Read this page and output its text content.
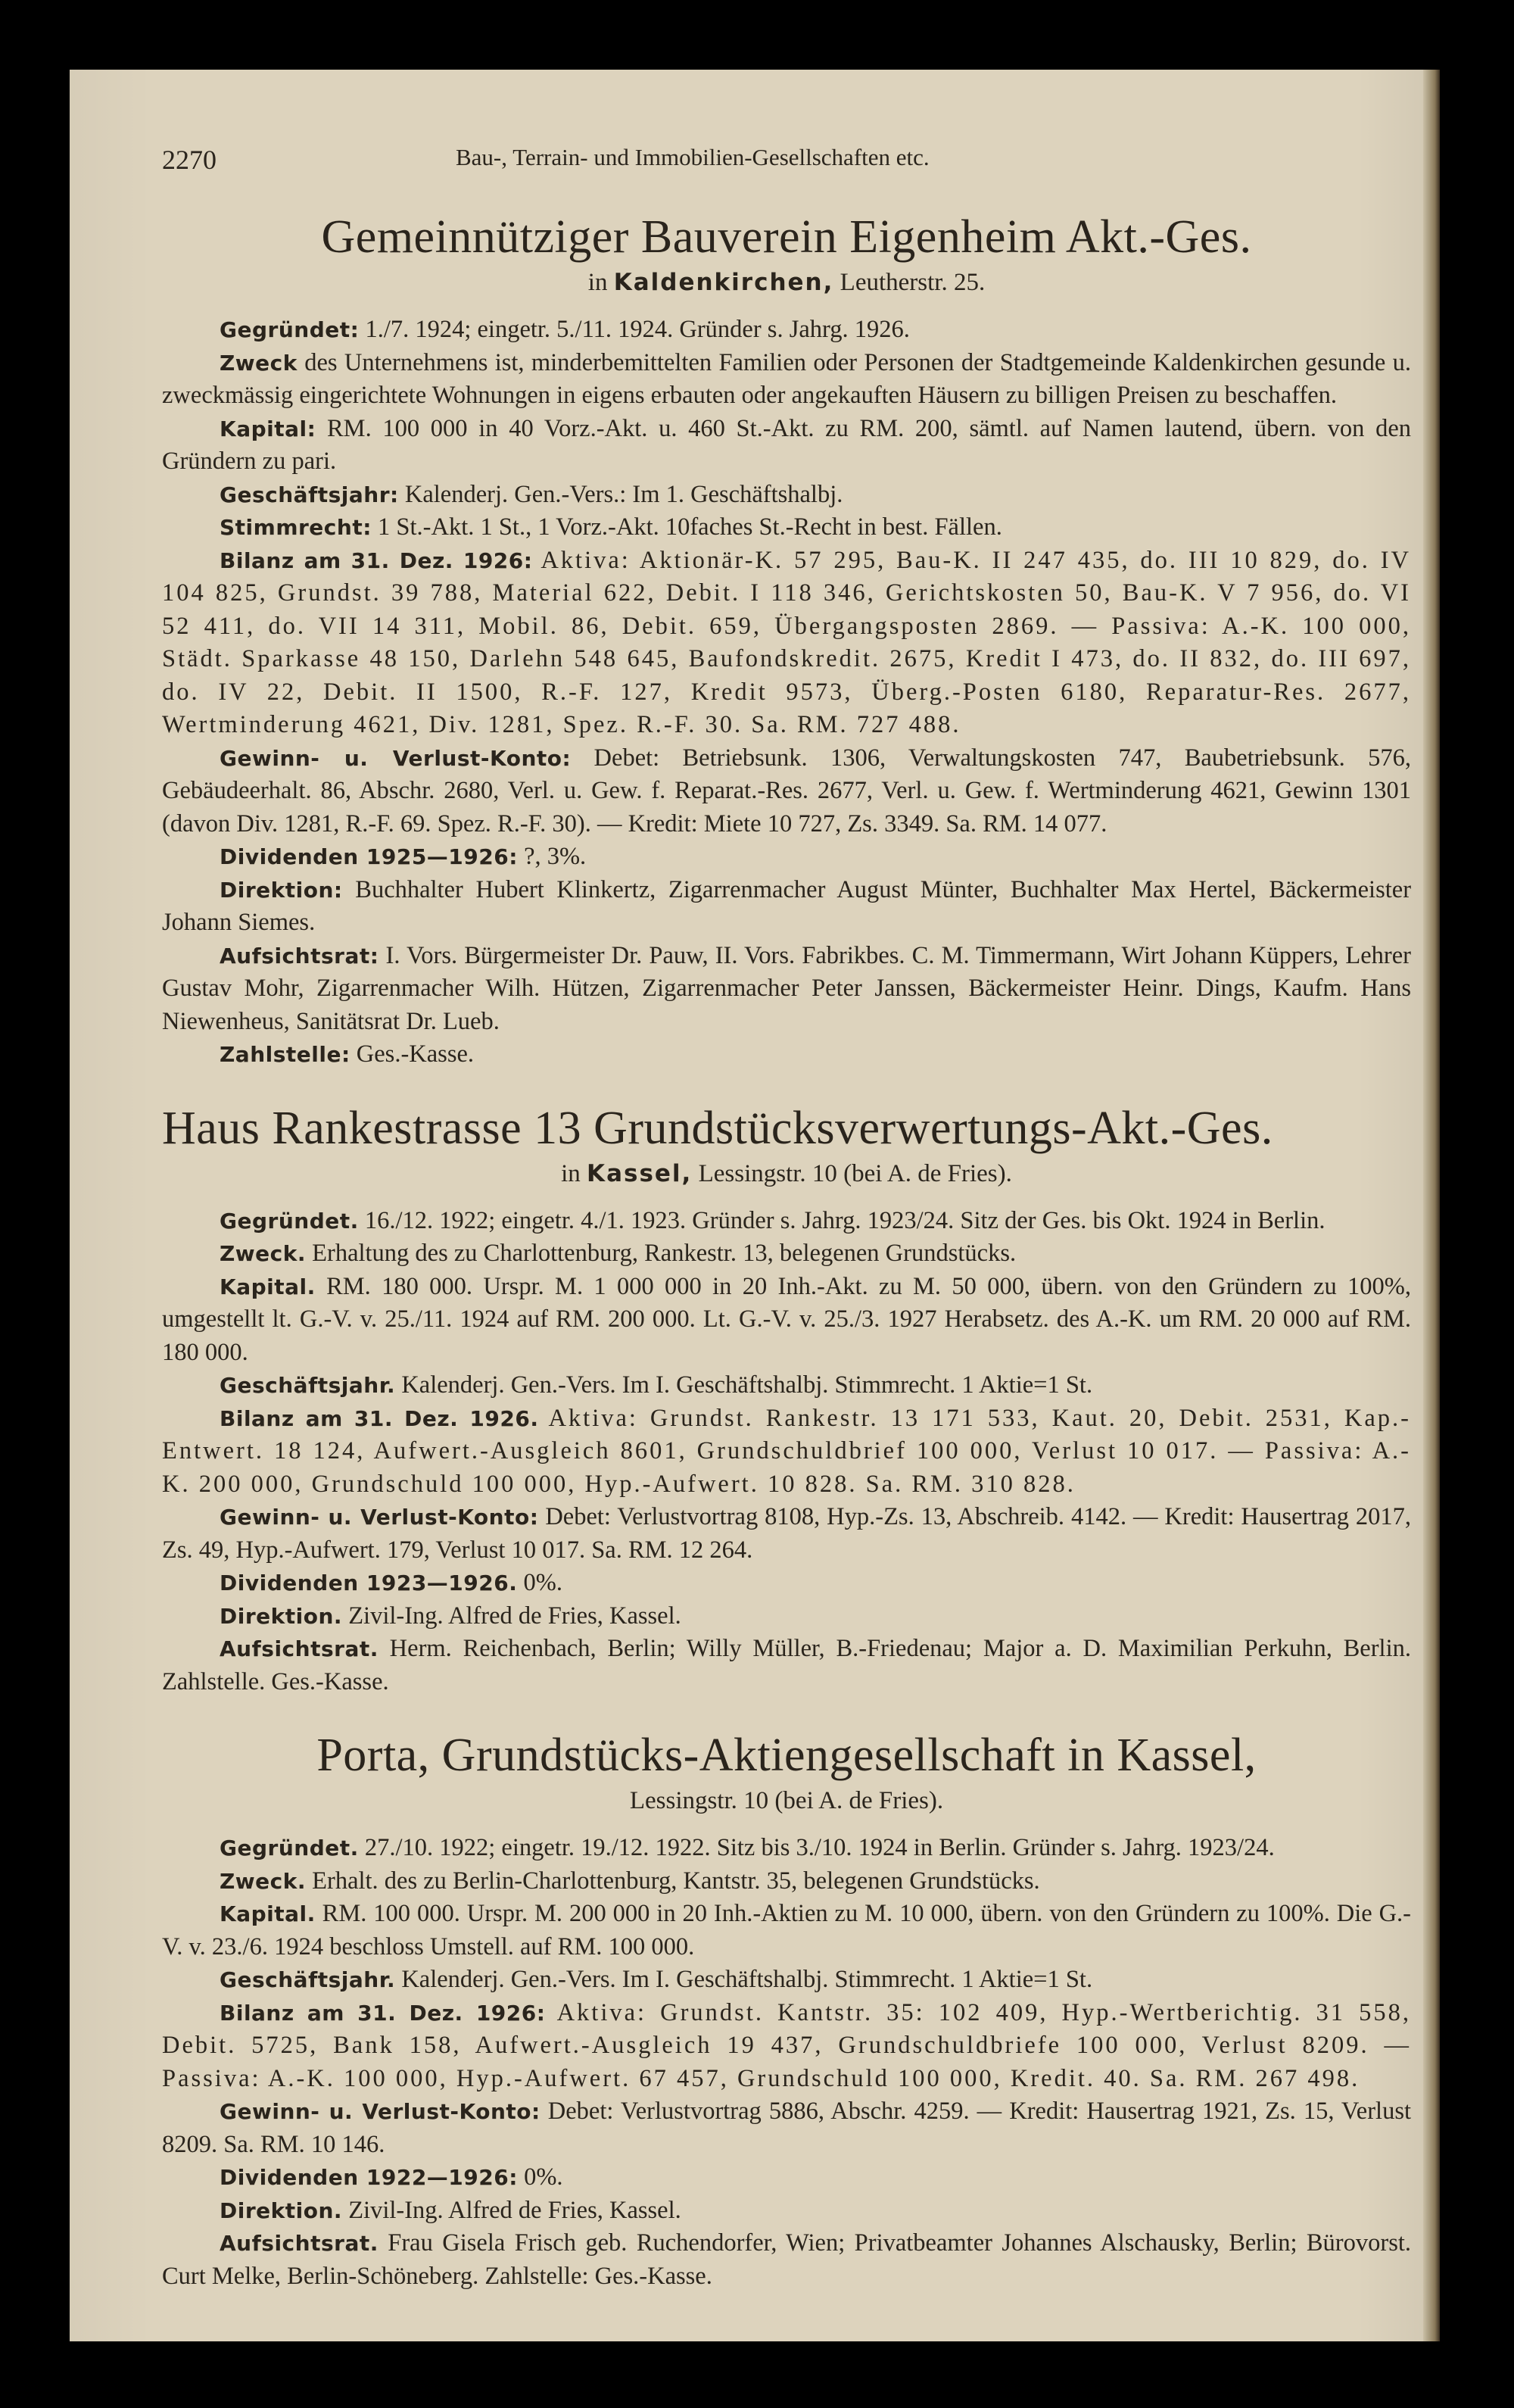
2270	Bau-, Terrain- und Immobilien-Gesellschaften etc.
Gemeinnütziger Bauverein Eigenheim Akt.-Ges.
in Kaldenkirchen, Leutherstr. 25.

Gegründet: 1./7. 1924; eingetr. 5./11. 1924. Gründer s. Jahrg. 1926.

Zweck des Unternehmens ist, minderbemittelten Familien oder Personen der Stadtgemeinde Kaldenkirchen gesunde u. zweckmässig eingerichtete Wohnungen in eigens erbauten oder angekauften Häusern zu billigen Preisen zu beschaffen.

Kapital: RM. 100 000 in 40 Vorz.-Akt. u. 460 St.-Akt. zu RM. 200, sämtl. auf Namen lautend, übern. von den Gründern zu pari.

Geschäftsjahr: Kalenderj. Gen.-Vers.: Im 1. Geschäftshalbj.

Stimmrecht: 1 St.-Akt. 1 St., 1 Vorz.-Akt. 10faches St.-Recht in best. Fällen.

Bilanz am 31. Dez. 1926: Aktiva: Aktionär-K. 57 295, Bau-K. II 247 435, do. III 10 829, do. IV 104 825, Grundst. 39 788, Material 622, Debit. I 118 346, Gerichtskosten 50, Bau-K. V 7 956, do. VI 52 411, do. VII 14 311, Mobil. 86, Debit. 659, Übergangsposten 2869. — Passiva: A.-K. 100 000, Städt. Sparkasse 48 150, Darlehn 548 645, Baufondskredit. 2675, Kredit I 473, do. II 832, do. III 697, do. IV 22, Debit. II 1500, R.-F. 127, Kredit 9573, Überg.-Posten 6180, Reparatur-Res. 2677, Wertminderung 4621, Div. 1281, Spez. R.-F. 30. Sa. RM. 727 488.

Gewinn- u. Verlust-Konto: Debet: Betriebsunk. 1306, Verwaltungskosten 747, Baubetriebsunk. 576, Gebäudeerhalt. 86, Abschr. 2680, Verl. u. Gew. f. Reparat.-Res. 2677, Verl. u. Gew. f. Wertminderung 4621, Gewinn 1301 (davon Div. 1281, R.-F. 69. Spez. R.-F. 30). — Kredit: Miete 10 727, Zs. 3349. Sa. RM. 14 077.

Dividenden 1925—1926: ?, 3%.

Direktion: Buchhalter Hubert Klinkertz, Zigarrenmacher August Münter, Buchhalter Max Hertel, Bäckermeister Johann Siemes.

Aufsichtsrat: I. Vors. Bürgermeister Dr. Pauw, II. Vors. Fabrikbes. C. M. Timmermann, Wirt Johann Küppers, Lehrer Gustav Mohr, Zigarrenmacher Wilh. Hützen, Zigarrenmacher Peter Janssen, Bäckermeister Heinr. Dings, Kaufm. Hans Niewenheus, Sanitätsrat Dr. Lueb.

Zahlstelle: Ges.-Kasse.

Haus Rankestrasse 13 Grundstücksverwertungs-Akt.-Ges.
in Kassel, Lessingstr. 10 (bei A. de Fries).

Gegründet. 16./12. 1922; eingetr. 4./1. 1923. Gründer s. Jahrg. 1923/24. Sitz der Ges. bis Okt. 1924 in Berlin.

Zweck. Erhaltung des zu Charlottenburg, Rankestr. 13, belegenen Grundstücks.

Kapital. RM. 180 000. Urspr. M. 1 000 000 in 20 Inh.-Akt. zu M. 50 000, übern. von den Gründern zu 100%, umgestellt lt. G.-V. v. 25./11. 1924 auf RM. 200 000. Lt. G.-V. v. 25./3. 1927 Herabsetz. des A.-K. um RM. 20 000 auf RM. 180 000.

Geschäftsjahr. Kalenderj. Gen.-Vers. Im I. Geschäftshalbj. Stimmrecht. 1 Aktie=1 St.

Bilanz am 31. Dez. 1926. Aktiva: Grundst. Rankestr. 13 171 533, Kaut. 20, Debit. 2531, Kap.-Entwert. 18 124, Aufwert.-Ausgleich 8601, Grundschuldbrief 100 000, Verlust 10 017. — Passiva: A.-K. 200 000, Grundschuld 100 000, Hyp.-Aufwert. 10 828. Sa. RM. 310 828.

Gewinn- u. Verlust-Konto: Debet: Verlustvortrag 8108, Hyp.-Zs. 13, Abschreib. 4142. — Kredit: Hausertrag 2017, Zs. 49, Hyp.-Aufwert. 179, Verlust 10 017. Sa. RM. 12 264.

Dividenden 1923—1926. 0%.

Direktion. Zivil-Ing. Alfred de Fries, Kassel.

Aufsichtsrat. Herm. Reichenbach, Berlin; Willy Müller, B.-Friedenau; Major a. D. Maximilian Perkuhn, Berlin. Zahlstelle. Ges.-Kasse.

Porta, Grundstücks-Aktiengesellschaft in Kassel,
Lessingstr. 10 (bei A. de Fries).

Gegründet. 27./10. 1922; eingetr. 19./12. 1922. Sitz bis 3./10. 1924 in Berlin. Gründer s. Jahrg. 1923/24.

Zweck. Erhalt. des zu Berlin-Charlottenburg, Kantstr. 35, belegenen Grundstücks.

Kapital. RM. 100 000. Urspr. M. 200 000 in 20 Inh.-Aktien zu M. 10 000, übern. von den Gründern zu 100%. Die G.-V. v. 23./6. 1924 beschloss Umstell. auf RM. 100 000.

Geschäftsjahr. Kalenderj. Gen.-Vers. Im I. Geschäftshalbj. Stimmrecht. 1 Aktie=1 St.

Bilanz am 31. Dez. 1926: Aktiva: Grundst. Kantstr. 35: 102 409, Hyp.-Wertberichtig. 31 558, Debit. 5725, Bank 158, Aufwert.-Ausgleich 19 437, Grundschuldbriefe 100 000, Verlust 8209. — Passiva: A.-K. 100 000, Hyp.-Aufwert. 67 457, Grundschuld 100 000, Kredit. 40. Sa. RM. 267 498.

Gewinn- u. Verlust-Konto: Debet: Verlustvortrag 5886, Abschr. 4259. — Kredit: Hausertrag 1921, Zs. 15, Verlust 8209. Sa. RM. 10 146.

Dividenden 1922—1926: 0%.

Direktion. Zivil-Ing. Alfred de Fries, Kassel.

Aufsichtsrat. Frau Gisela Frisch geb. Ruchendorfer, Wien; Privatbeamter Johannes Alschausky, Berlin; Bürovorst. Curt Melke, Berlin-Schöneberg. Zahlstelle: Ges.-Kasse.
